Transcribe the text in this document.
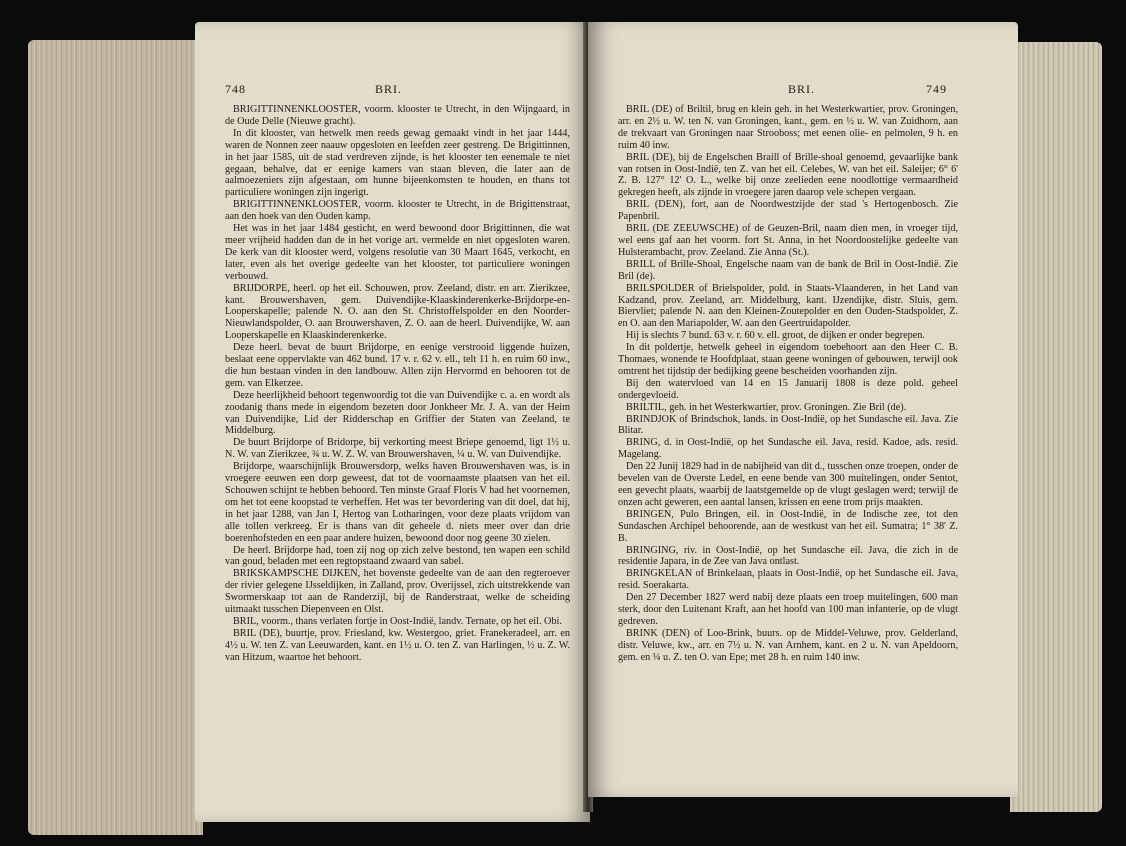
748	BRI.

BRIGITTINNENKLOOSTER, voorm. klooster te Utrecht, in den Wijngaard, in de Oude Delle (Nieuwe gracht).

In dit klooster, van hetwelk men reeds gewag gemaakt vindt in het jaar 1444, waren de Nonnen zeer naauw opgesloten en leefden zeer gestreng. De Brigittinnen, in het jaar 1585, uit de stad verdreven zijnde, is het klooster ten eenemale te niet gegaan, behalve, dat er eenige kamers van staan bleven, die later aan de aalmoezeniers zijn afgestaan, om hunne bijeenkomsten te houden, en thans tot particuliere woningen zijn ingerigt.

BRIGITTINNENKLOOSTER, voorm. klooster te Utrecht, in de Brigittenstraat, aan den hoek van den Ouden kamp.

Het was in het jaar 1484 gesticht, en werd bewoond door Brigittinnen, die wat meer vrijheid hadden dan de in het vorige art. vermelde en niet opgesloten waren. De kerk van dit klooster werd, volgens resolutie van 30 Maart 1645, verkocht, en later, even als het overige gedeelte van het klooster, tot particuliere woningen verbouwd.

BRIJDORPE, heerl. op het eil. Schouwen, prov. Zeeland, distr. en arr. Zierikzee, kant. Brouwershaven, gem. Duivendijke-Klaaskinderenkerke-Brijdorpe-en-Looperskapelle; palende N. O. aan den St. Christoffelspolder en den Noorder-Nieuwlandspolder, O. aan Brouwershaven, Z. O. aan de heerl. Duivendijke, W. aan Looperskapelle en Klaaskinderenkerke.

Deze heerl. bevat de buurt Brijdorpe, en eenige verstrooid liggende huizen, beslaat eene oppervlakte van 462 bund. 17 v. r. 62 v. ell., telt 11 h. en ruim 60 inw., die hun bestaan vinden in den landbouw. Allen zijn Hervormd en behooren tot de gem. van Elkerzee.

Deze heerlijkheid behoort tegenwoordig tot die van Duivendijke c. a. en wordt als zoodanig thans mede in eigendom bezeten door Jonkheer Mr. J. A. van der Heim van Duivendijke, Lid der Ridderschap en Griffier der Staten van Zeeland, te Middelburg.

De buurt Brijdorpe of Bridorpe, bij verkorting meest Briepe genoemd, ligt 1½ u. N. W. van Zierikzee, ¾ u. W. Z. W. van Brouwershaven, ¼ u. W. van Duivendijke.

Brijdorpe, waarschijnlijk Brouwersdorp, welks haven Brouwershaven was, is in vroegere eeuwen een dorp geweest, dat tot de voornaamste plaatsen van het eil. Schouwen schijnt te hebben behoord. Ten minste Graaf Floris V had het voornemen, om het tot eene koopstad te verheffen. Het was ter bevordering van dit doel, dat hij, in het jaar 1288, van Jan I, Hertog van Lotharingen, voor deze plaats vrijdom van alle tollen verkreeg. Er is thans van dit geheele d. niets meer over dan drie boerenhofsteden en een paar andere huizen, bewoond door nog geene 30 zielen.

De heerl. Brijdorpe had, toen zij nog op zich zelve bestond, ten wapen een schild van goud, beladen met een regtopstaand zwaard van sabel.

BRIKSKAMPSCHE DIJKEN, het bovenste gedeelte van de aan den regteroever der rivier gelegene IJsseldijken, in Zalland, prov. Overijssel, zich uitstrekkende van Swormerskaap tot aan de Randerzijl, bij de Randerstraat, welke de scheiding uitmaakt tusschen Diepenveen en Olst.

BRIL, voorm., thans verlaten fortje in Oost-Indië, landv. Ternate, op het eil. Obi.

BRIL (DE), buurtje, prov. Friesland, kw. Westergoo, griet. Franekeradeel, arr. en 4½ u. W. ten Z. van Leeuwarden, kant. en 1½ u. O. ten Z. van Harlingen, ½ u. Z. W. van Hitzum, waartoe het behoort.

BRI.	749

BRIL (DE) of Briltil, brug en klein geh. in het Westerkwartier, prov. Groningen, arr. en 2½ u. W. ten N. van Groningen, kant., gem. en ½ u. W. van Zuidhorn, aan de trekvaart van Groningen naar Strooboss; met eenen olie- en pelmolen, 9 h. en ruim 40 inw.

BRIL (DE), bij de Engelschen Braill of Brille-shoal genoemd, gevaarlijke bank van rotsen in Oost-Indië, ten Z. van het eil. Celebes, W. van het eil. Saleijer; 6° 6' Z. B. 127° 12' O. L., welke bij onze zeelieden eene noodlottige vermaardheid gekregen heeft, als zijnde in vroegere jaren daarop vele schepen vergaan.

BRIL (DEN), fort, aan de Noordwestzijde der stad 's Hertogenbosch. Zie Papenbril.

BRIL (DE ZEEUWSCHE) of de Geuzen-Bril, naam dien men, in vroeger tijd, wel eens gaf aan het voorm. fort St. Anna, in het Noordoostelijke gedeelte van Hulsterambacht, prov. Zeeland. Zie Anna (St.).

BRILL of Brille-Shoal, Engelsche naam van de bank de Bril in Oost-Indië. Zie Bril (de).

BRILSPOLDER of Brielspolder, pold. in Staats-Vlaanderen, in het Land van Kadzand, prov. Zeeland, arr. Middelburg, kant. IJzendijke, distr. Sluis, gem. Biervliet; palende N. aan den Kleinen-Zoutepolder en den Ouden-Stadspolder, Z. en O. aan den Mariapolder, W. aan den Geertruidapolder.

Hij is slechts 7 bund. 63 v. r. 60 v. ell. groot, de dijken er onder begrepen.

In dit poldertje, hetwelk geheel in eigendom toebehoort aan den Heer C. B. Thomaes, wonende te Hoofdplaat, staan geene woningen of gebouwen, terwijl ook omtrent het tijdstip der bedijking geene bescheiden voorhanden zijn.

Bij den watervloed van 14 en 15 Januarij 1808 is deze pold. geheel ondergevloeid.

BRILTIL, geh. in het Westerkwartier, prov. Groningen. Zie Bril (de).

BRINDJOK of Brindschok, lands. in Oost-Indië, op het Sundasche eil. Java. Zie Blitar.

BRING, d. in Oost-Indië, op het Sundasche eil. Java, resid. Kadoe, ads. resid. Magelang.

Den 22 Junij 1829 had in de nabijheid van dit d., tusschen onze troepen, onder de bevelen van de Overste Ledel, en eene bende van 300 muitelingen, onder Sentot, een gevecht plaats, waarbij de laatstgemelde op de vlugt geslagen werd; terwijl de onzen acht geweren, een aantal lansen, krissen en eene trom prijs maakten.

BRINGEN, Pulo Bringen, eil. in Oost-Indië, in de Indische zee, tot den Sundaschen Archipel behoorende, aan de westkust van het eil. Sumatra; 1° 38' Z. B.

BRINGING, riv. in Oost-Indië, op het Sundasche eil. Java, die zich in de residentie Japara, in de Zee van Java ontlast.

BRINGKELAN of Brinkelaan, plaats in Oost-Indië, op het Sundasche eil. Java, resid. Soerakarta.

Den 27 December 1827 werd nabij deze plaats een troep muitelingen, 600 man sterk, door den Luitenant Kraft, aan het hoofd van 100 man infanterie, op de vlugt gedreven.

BRINK (DEN) of Loo-Brink, buurs. op de Middel-Veluwe, prov. Gelderland, distr. Veluwe, kw., arr. en 7½ u. N. van Arnhem, kant. en 2 u. N. van Apeldoorn, gem. en ¼ u. Z. ten O. van Epe; met 28 h. en ruim 140 inw.
